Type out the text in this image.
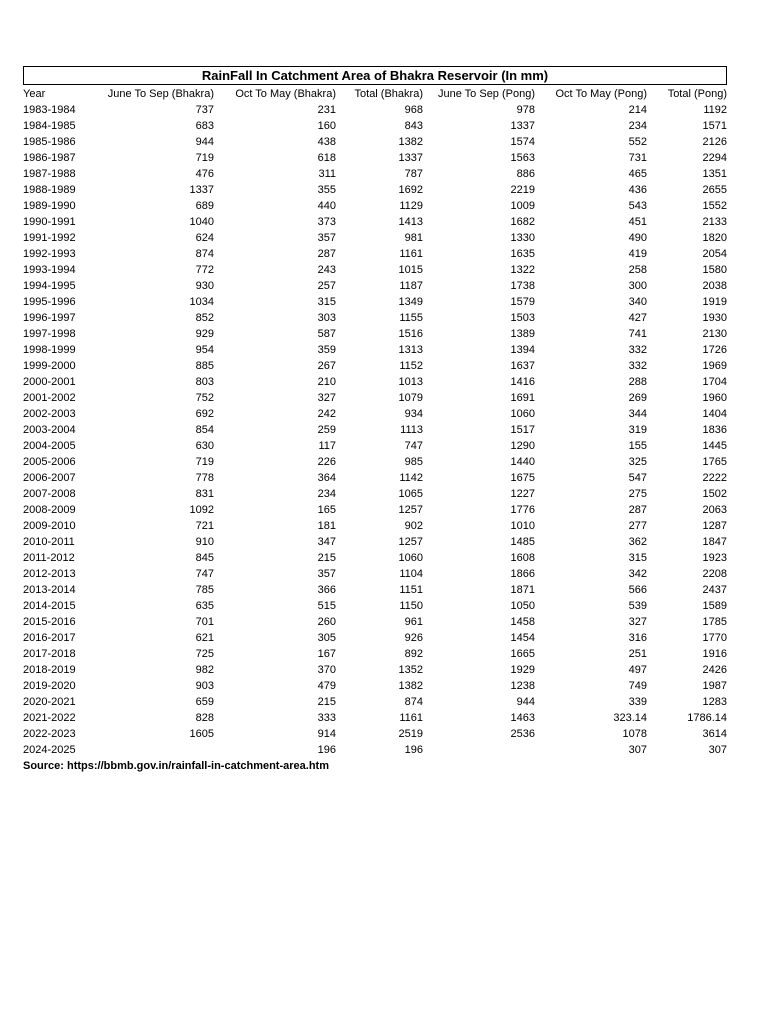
RainFall In Catchment Area of Bhakra Reservoir (In mm)
Year	June To Sep (Bhakra)	Oct To May (Bhakra)	Total (Bhakra)	June To Sep (Pong)	Oct To May (Pong)	Total (Pong)
1983-1984	737	231	968	978	214	1192
1984-1985	683	160	843	1337	234	1571
1985-1986	944	438	1382	1574	552	2126
1986-1987	719	618	1337	1563	731	2294
1987-1988	476	311	787	886	465	1351
1988-1989	1337	355	1692	2219	436	2655
1989-1990	689	440	1129	1009	543	1552
1990-1991	1040	373	1413	1682	451	2133
1991-1992	624	357	981	1330	490	1820
1992-1993	874	287	1161	1635	419	2054
1993-1994	772	243	1015	1322	258	1580
1994-1995	930	257	1187	1738	300	2038
1995-1996	1034	315	1349	1579	340	1919
1996-1997	852	303	1155	1503	427	1930
1997-1998	929	587	1516	1389	741	2130
1998-1999	954	359	1313	1394	332	1726
1999-2000	885	267	1152	1637	332	1969
2000-2001	803	210	1013	1416	288	1704
2001-2002	752	327	1079	1691	269	1960
2002-2003	692	242	934	1060	344	1404
2003-2004	854	259	1113	1517	319	1836
2004-2005	630	117	747	1290	155	1445
2005-2006	719	226	985	1440	325	1765
2006-2007	778	364	1142	1675	547	2222
2007-2008	831	234	1065	1227	275	1502
2008-2009	1092	165	1257	1776	287	2063
2009-2010	721	181	902	1010	277	1287
2010-2011	910	347	1257	1485	362	1847
2011-2012	845	215	1060	1608	315	1923
2012-2013	747	357	1104	1866	342	2208
2013-2014	785	366	1151	1871	566	2437
2014-2015	635	515	1150	1050	539	1589
2015-2016	701	260	961	1458	327	1785
2016-2017	621	305	926	1454	316	1770
2017-2018	725	167	892	1665	251	1916
2018-2019	982	370	1352	1929	497	2426
2019-2020	903	479	1382	1238	749	1987
2020-2021	659	215	874	944	339	1283
2021-2022	828	333	1161	1463	323.14	1786.14
2022-2023	1605	914	2519	2536	1078	3614
2024-2025		196	196		307	307
Source: https://bbmb.gov.in/rainfall-in-catchment-area.htm
